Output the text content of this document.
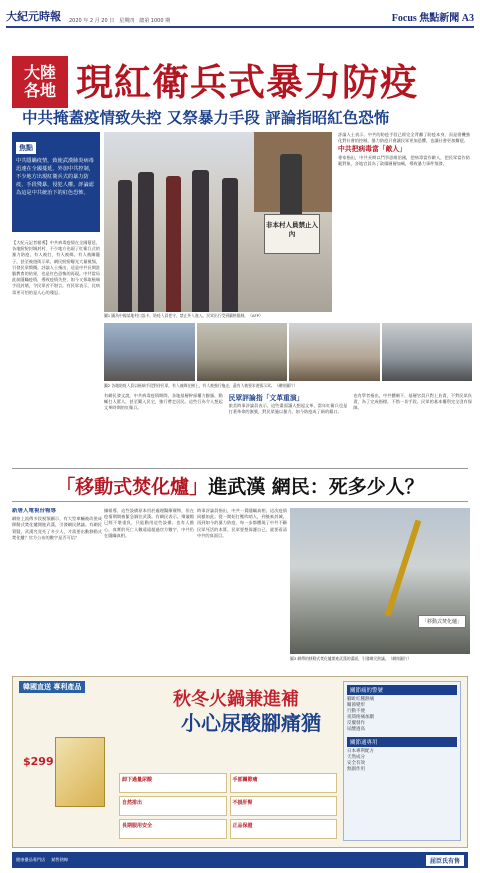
大紀元時報 2020 年 2 月 20 日　星期四　總第 1000 期	Focus 焦點新聞 A3
大陸
各地 現紅衛兵式暴力防疫
中共掩蓋疫情致失控 又祭暴力手段 評論指昭紅色恐怖
焦點
中共隱瞞疫情，致使武漢肺炎病毒迅速在全國蔓延，外加中共控制，不少地方出現紅衛兵式的暴力防疫，手段殘暴，侵犯人權。評論認為這是中共統治下的紅色恐怖。
【大紀元記者報導】中共病毒疫情在全國蔓延，各地紛紛封城封村，不少地方出現了紅衛兵式的暴力防疫，有人被打，有人被綁，有人被關籠子，甚至被遊街示眾。網民紛紛曝光大量視頻，引發民眾憤慨。評論人士指出，這是中共長期洗腦教育的結果，也是紅色恐怖的再現。中共當局此前隱瞞疫情，導致疫情失控，如今又採取極端手段封堵，令民眾苦不堪言。有民眾表示，比病毒更可怕的是人心的殘忍。
非本村人員禁止入內
圖1 圖為中國某地村口設卡，防疫人員把守，禁止外人進入。民眾出行受到嚴格限制。（AFP）
評論人士表示，中共的防疫手段已經完全背離了防疫本身，而是借機強化對社會的控制。暴力防疫只會讓民眾更加恐懼，也讓社會更加撕裂。
中共把病毒當「敵人」
專家指出，中共長期以鬥爭思維治國，把病毒當作敵人，把民眾當作防範對象，各地官員為了政績層層加碼，導致暴力事件頻發。
圖2 各地防疫人員以極端手段對待民眾，有人被綁在樹上，有人被強行拖走，還有人被要求遊街示眾。（網絡圖片）
有網民發文說，中共病毒疫情期間，各地基層幹部權力膨脹，動輒打人罵人，甚至闖入民宅，強行帶走居民。這些行為令人想起文革時期的紅衛兵。
民眾評論指「文革重演」
旅美時事評論員表示，這些畫面讓人想起文革，當年紅衛兵也是打著革命的旗號，對民眾施以暴力。如今防疫成了新的藉口。
也有學者指出，中共體制下，基層官員只對上負責，不對民眾負責，為了完成指標，不惜一切手段。民眾的基本權利完全沒有保障。
「移動式焚化爐」 進武漢 網民：死多少人？
新唐人電視台報導
網絡上流傳多段視頻顯示，有大型車輛被改裝成移動式焚化爐開進武漢，引發網民熱議。有網民質疑，武漢究竟死了多少人，才需要出動移動式焚化爐？官方公布的數字是否可信？
據報導，這些設備原本用於處理醫療廢物，但在疫情期間被緊急調往武漢。有網民表示，殯儀館已經不堪重負，只能動用這些設備。也有人擔心，真實的死亡人數遠遠超過官方數字，中共仍在隱瞞真相。
時事評論員指出，中共一貫隱瞞真相，這次疫情同樣如此。從一開始打壓吹哨人，到後來封城，再到如今的暴力防疫，每一步都體現了中共不顧民眾死活的本質。民眾要想保護自己，就要看清中共的真面目。
「移動式焚化爐」
圖3 網傳的移動式焚化爐開進武漢的畫面，引發網民熱議。（網絡圖片）
韓國直送 專利產品
秋冬火鍋兼進補
小心尿酸腳痛猶
$299
卸下過量尿酸	手部關節痛
自然排出	不損肝腎
長期服用安全	正品保證
關節痛的警號
腳趾紅腫熱痛
關節變形
行動不便
夜間疼痛加劇
反覆發作
尿酸過高
關節通專用
日本專利配方
天然成分
安全有效
無副作用
健康優品專門店 銷售熱線	屈臣氏有售
